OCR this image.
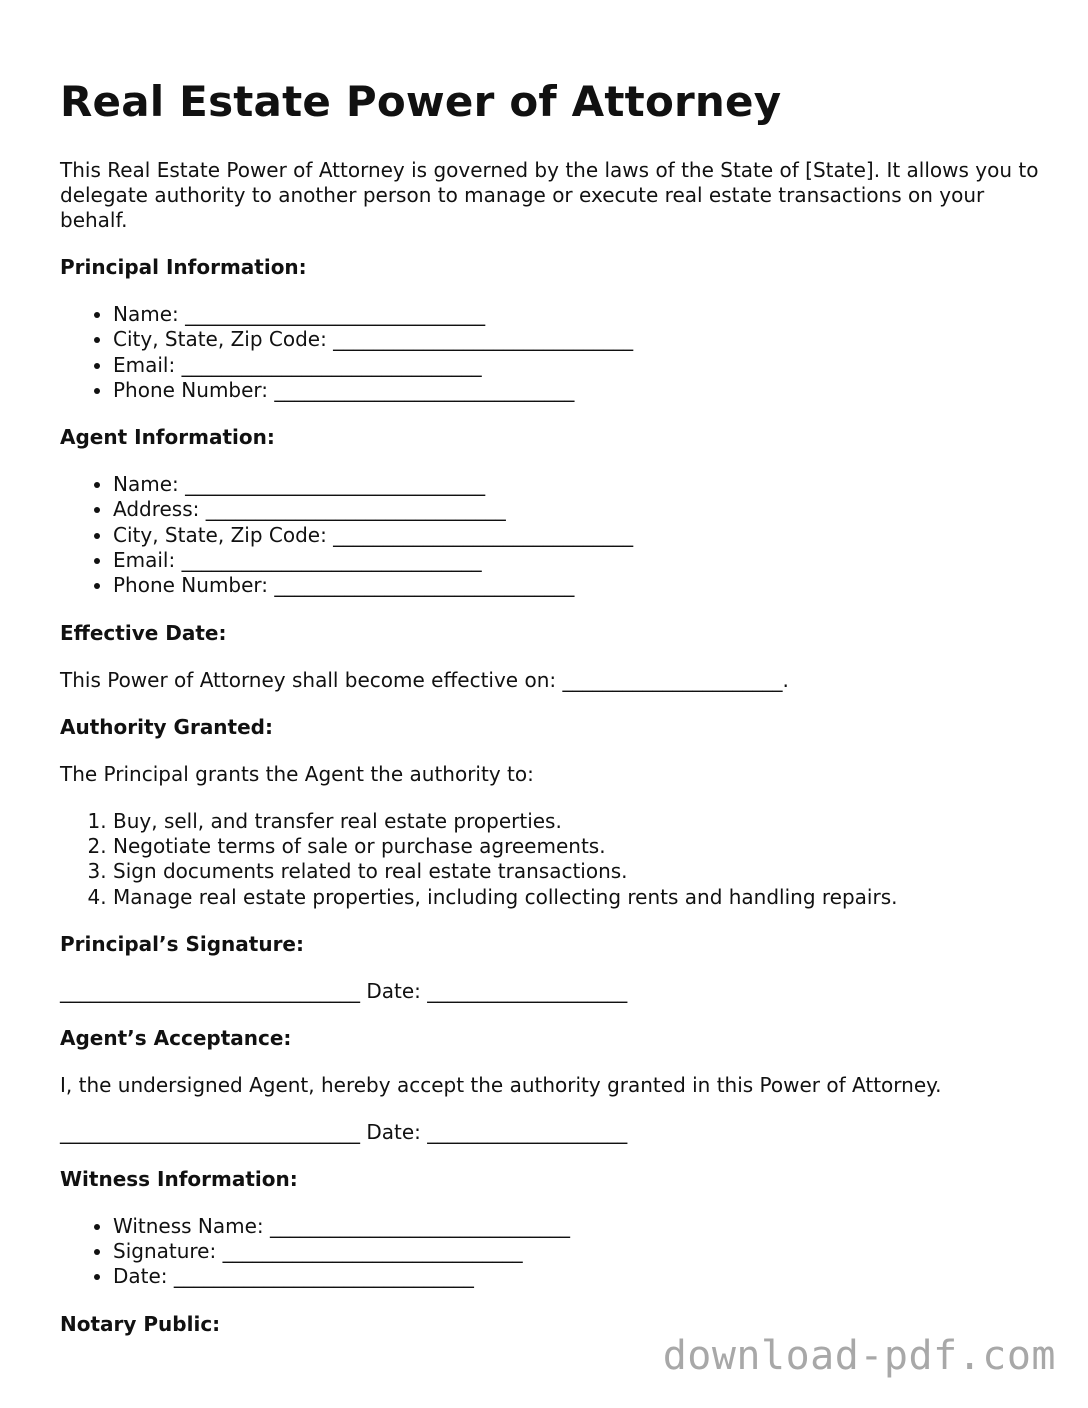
Real Estate Power of Attorney

This Real Estate Power of Attorney is governed by the laws of the State of [State]. It allows you to delegate authority to another person to manage or execute real estate transactions on your behalf.

Principal Information:
• Name: ______________________________
• City, State, Zip Code: ______________________________
• Email: ______________________________
• Phone Number: ______________________________
Agent Information:
• Name: ______________________________
• Address: ______________________________
• City, State, Zip Code: ______________________________
• Email: ______________________________
• Phone Number: ______________________________
Effective Date:

This Power of Attorney shall become effective on: ______________________.

Authority Granted:

The Principal grants the Agent the authority to:

1. Buy, sell, and transfer real estate properties.
2. Negotiate terms of sale or purchase agreements.
3. Sign documents related to real estate transactions.
4. Manage real estate properties, including collecting rents and handling repairs.
Principal’s Signature:

______________________________ Date: ____________________

Agent’s Acceptance:

I, the undersigned Agent, hereby accept the authority granted in this Power of Attorney.

______________________________ Date: ____________________

Witness Information:
• Witness Name: ______________________________
• Signature: ______________________________
• Date: ______________________________
Notary Public:
download-pdf.com
